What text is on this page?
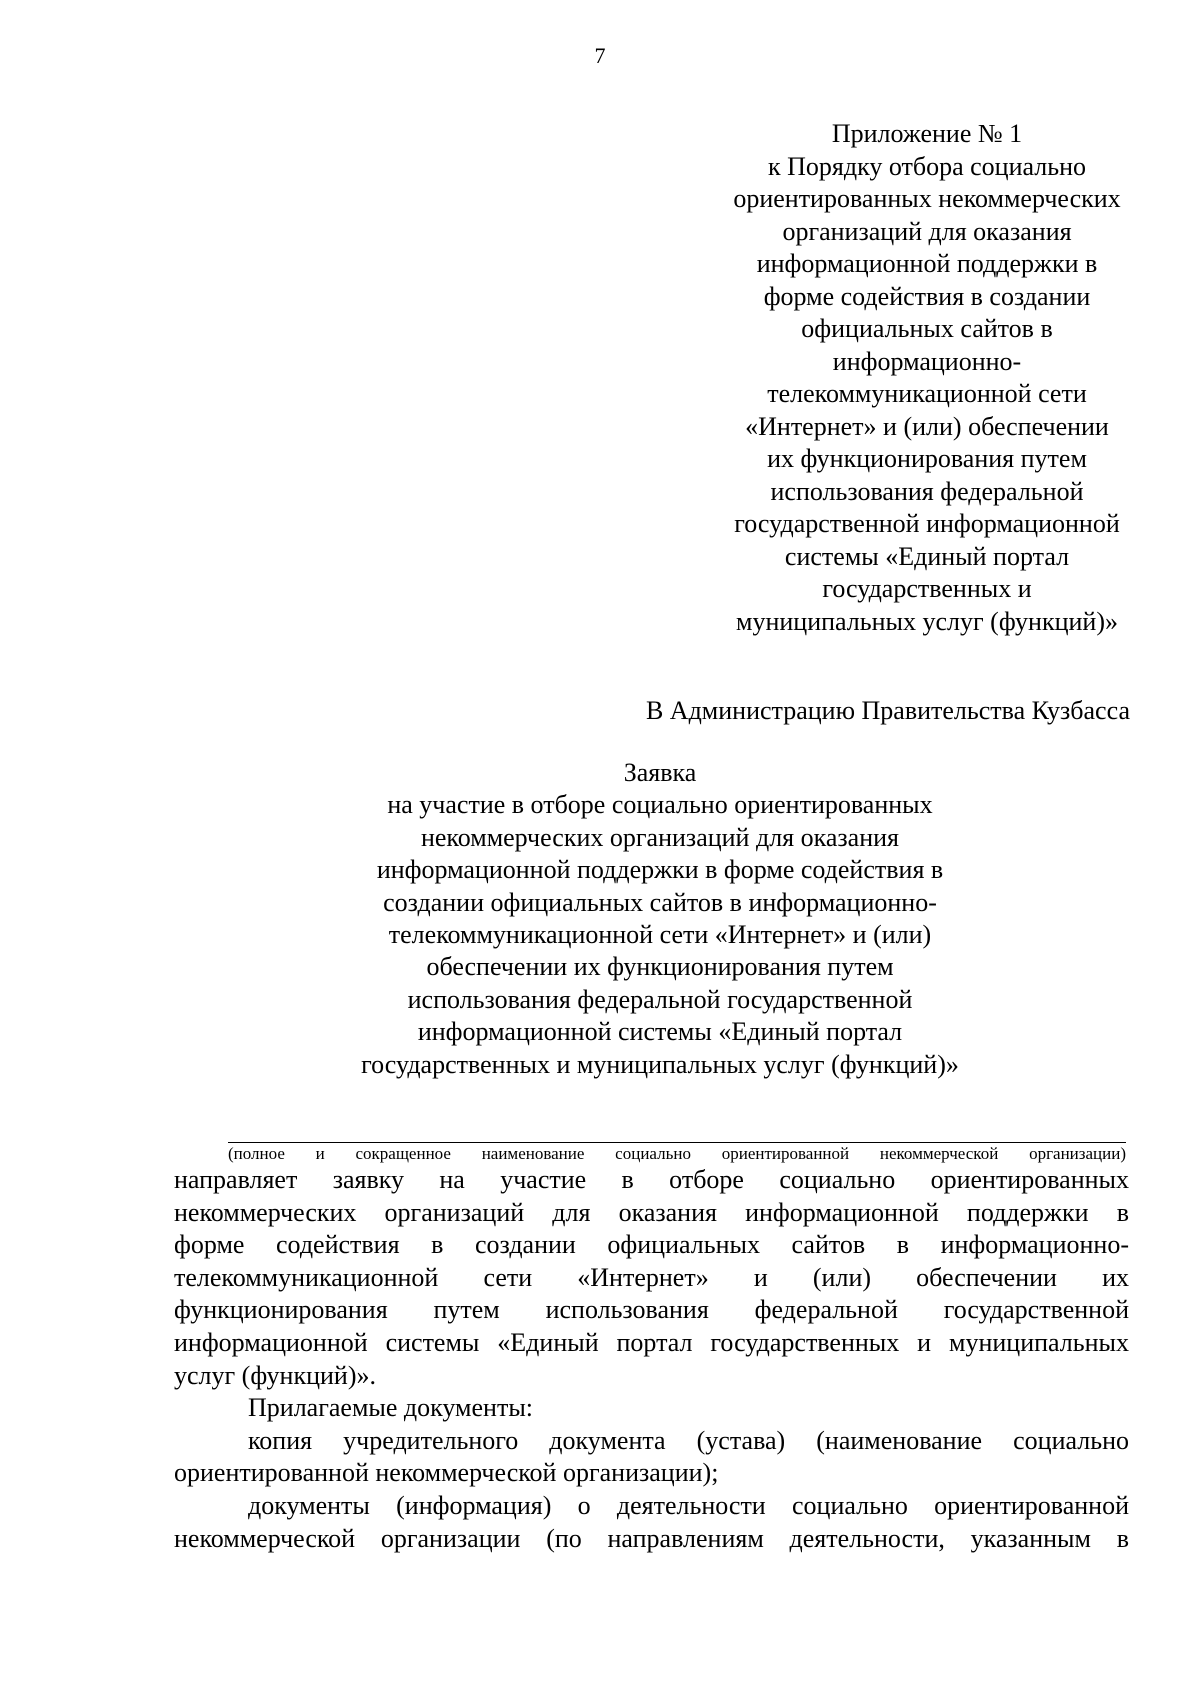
7
Приложение № 1
к Порядку отбора социально
ориентированных некоммерческих
организаций для оказания
информационной поддержки в
форме содействия в создании
официальных сайтов в
информационно-
телекоммуникационной сети
«Интернет» и (или) обеспечении
их функционирования путем
использования федеральной
государственной информационной
системы «Единый портал
государственных и
муниципальных услуг (функций)»
В Администрацию Правительства Кузбасса
Заявка
на участие в отборе социально ориентированных
некоммерческих организаций для оказания
информационной поддержки в форме содействия в
создании официальных сайтов в информационно-
телекоммуникационной сети «Интернет» и (или)
обеспечении их функционирования путем
использования федеральной государственной
информационной системы «Единый портал
государственных и муниципальных услуг (функций)»
(полное и сокращенное наименование социально ориентированной некоммерческой организации)
направляет заявку на участие в отборе социально ориентированных
некоммерческих организаций для оказания информационной поддержки в
форме содействия в создании официальных сайтов в информационно-
телекоммуникационной сети «Интернет» и (или) обеспечении их
функционирования путем использования федеральной государственной
информационной системы «Единый портал государственных и муниципальных
услуг (функций)».
Прилагаемые документы:
копия учредительного документа (устава) (наименование социально
ориентированной некоммерческой организации);
документы (информация) о деятельности социально ориентированной
некоммерческой организации (по направлениям деятельности, указанным в
